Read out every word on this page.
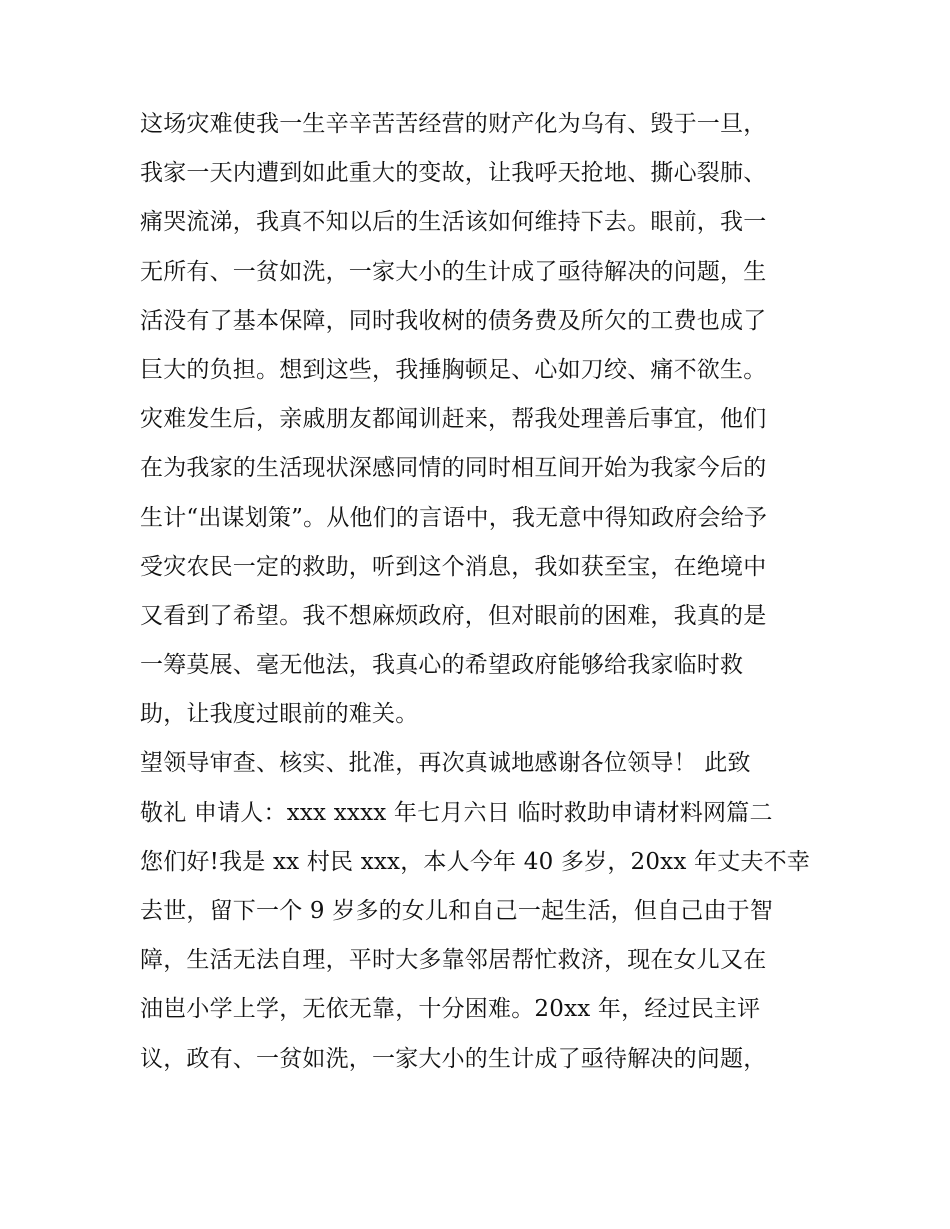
这场灾难使我一生辛辛苦苦经营的财产化为乌有、毁于一旦，
我家一天内遭到如此重大的变故，让我呼天抢地、撕心裂肺、
痛哭流涕，我真不知以后的生活该如何维持下去。眼前，我一
无所有、一贫如洗，一家大小的生计成了亟待解决的问题，生
活没有了基本保障，同时我收树的债务费及所欠的工费也成了
巨大的负担。想到这些，我捶胸顿足、心如刀绞、痛不欲生。
灾难发生后，亲戚朋友都闻训赶来，帮我处理善后事宜，他们
在为我家的生活现状深感同情的同时相互间开始为我家今后的
生计“出谋划策”。从他们的言语中，我无意中得知政府会给予
受灾农民一定的救助，听到这个消息，我如获至宝，在绝境中
又看到了希望。我不想麻烦政府，但对眼前的困难，我真的是
一筹莫展、毫无他法，我真心的希望政府能够给我家临时救
助，让我度过眼前的难关。
望领导审查、核实、批准，再次真诚地感谢各位领导！ 此致
敬礼 申请人：xxx xxxx 年七月六日 临时救助申请材料网篇二
您们好!我是 xx 村民 xxx，本人今年 40 多岁，20xx 年丈夫不幸
去世，留下一个 9 岁多的女儿和自己一起生活，但自己由于智
障，生活无法自理，平时大多靠邻居帮忙救济，现在女儿又在
油岜小学上学，无依无靠，十分困难。20xx 年，经过民主评
议，政有、一贫如洗，一家大小的生计成了亟待解决的问题，
